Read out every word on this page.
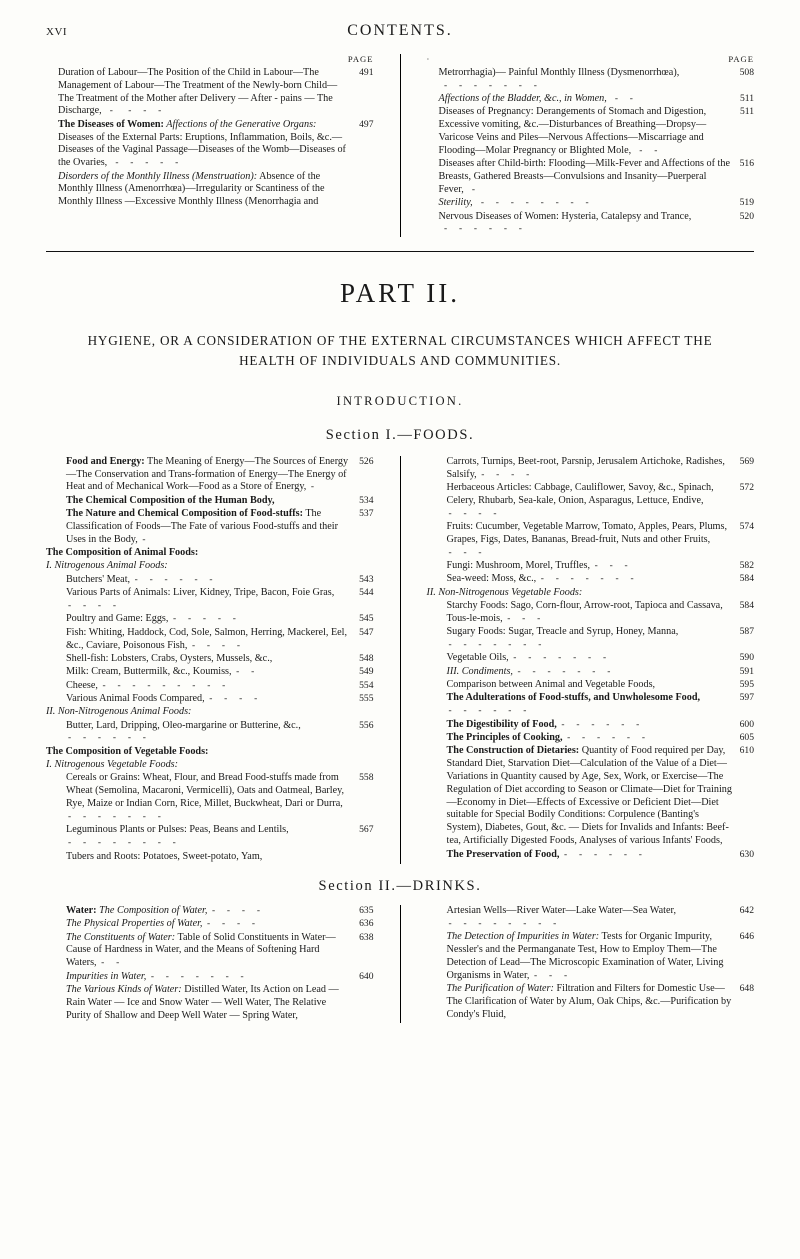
xvi	CONTENTS.
PAGE
Duration of Labour—The Position of the Child in Labour—The Management of Labour—The Treatment of the Newly-born Child—The Treatment of the Mother after Delivery — After - pains — The Discharge,  -    -   -   -
491
The Diseases of Women: Affections of the Generative Organs: Diseases of the External Parts: Eruptions, Inflammation, Boils, &c.—Diseases of the Vaginal Passage—Diseases of the Womb—Diseases of the Ovaries,  -   -   -   -   -
497
Disorders of the Monthly Illness (Menstruation): Absence of the Monthly Illness (Amenorrhœa)—Irregularity or Scantiness of the Monthly Illness —Excessive Monthly Illness (Menorrhagia and
· PAGE
Metrorrhagia)— Painful Monthly Illness (Dysmenorrhœa),  -   -   -   -   -   -   -
508
Affections of the Bladder, &c., in Women,  -   -	511
Diseases of Pregnancy: Derangements of Stomach and Digestion, Excessive vomiting, &c.—Disturbances of Breathing—Dropsy—Varicose Veins and Piles—Nervous Affections—Miscarriage and Flooding—Molar Pregnancy or Blighted Mole,  -   -
511
Diseases after Child-birth: Flooding—Milk-Fever and Affections of the Breasts, Gathered Breasts—Convulsions and Insanity—Puerperal Fever,  -
516
Sterility,  -   -   -   -   -   -   -   -	519
Nervous Diseases of Women: Hysteria, Catalepsy and Trance,  -   -   -   -   -   -
520
PART II.
HYGIENE, OR A CONSIDERATION OF THE EXTERNAL CIRCUMSTANCES WHICH AFFECT THE HEALTH OF INDIVIDUALS AND COMMUNITIES.
INTRODUCTION.
Section I.—FOODS.
Food and Energy: The Meaning of Energy—The Sources of Energy—The Conservation and Trans-formation of Energy—The Energy of Heat and of Mechanical Work—Food as a Store of Energy, -
526
The Chemical Composition of the Human Body,	534
The Nature and Chemical Composition of Food-stuffs: The Classification of Foods—The Fate of various Food-stuffs and their Uses in the Body, -
537
The Composition of Animal Foods:
I. Nitrogenous Animal Foods:
Butchers' Meat, -   -   -   -   -   -	543
Various Parts of Animals: Liver, Kidney, Tripe, Bacon, Foie Gras, -   -   -   -
544
Poultry and Game: Eggs, -   -   -   -   -	545
Fish: Whiting, Haddock, Cod, Sole, Salmon, Herring, Mackerel, Eel, &c., Caviare, Poisonous Fish, -   -   -   -
547
Shell-fish: Lobsters, Crabs, Oysters, Mussels, &c.,	548
Milk: Cream, Buttermilk, &c., Koumiss, -   -	549
Cheese, -   -   -   -   -   -   -   -   -	554
Various Animal Foods Compared, -   -   -   -	555
II. Non-Nitrogenous Animal Foods:
Butter, Lard, Dripping, Oleo-margarine or Butterine, &c., -   -   -   -   -   -
556
The Composition of Vegetable Foods:
I. Nitrogenous Vegetable Foods:
Cereals or Grains: Wheat, Flour, and Bread Food-stuffs made from Wheat (Semolina, Macaroni, Vermicelli), Oats and Oatmeal, Barley, Rye, Maize or Indian Corn, Rice, Millet, Buckwheat, Dari or Durra, -   -   -   -   -   -   -
558
Leguminous Plants or Pulses: Peas, Beans and Lentils, -   -   -   -   -   -   -   -
567
Tubers and Roots: Potatoes, Sweet-potato, Yam,
Carrots, Turnips, Beet-root, Parsnip, Jerusalem Artichoke, Radishes, Salsify, -   -   -   -
569
Herbaceous Articles: Cabbage, Cauliflower, Savoy, &c., Spinach, Celery, Rhubarb, Sea-kale, Onion, Asparagus, Lettuce, Endive, -   -   -   -
572
Fruits: Cucumber, Vegetable Marrow, Tomato, Apples, Pears, Plums, Grapes, Figs, Dates, Bananas, Bread-fruit, Nuts and other Fruits, -   -   -
574
Fungi: Mushroom, Morel, Truffles, -   -   -	582
Sea-weed: Moss, &c., -   -   -   -   -   -   -	584
II. Non-Nitrogenous Vegetable Foods:
Starchy Foods: Sago, Corn-flour, Arrow-root, Tapioca and Cassava, Tous-le-mois, -   -   -
584
Sugary Foods: Sugar, Treacle and Syrup, Honey, Manna, -   -   -   -   -   -   -
587
Vegetable Oils, -   -   -   -   -   -   -	590
III. Condiments, -   -   -   -   -   -   -	591
Comparison between Animal and Vegetable Foods,	595
The Adulterations of Food-stuffs, and Unwholesome Food, -   -   -   -   -   -
597
The Digestibility of Food, -   -   -   -   -   -	600
The Principles of Cooking, -   -   -   -   -   -	605
The Construction of Dietaries: Quantity of Food required per Day, Standard Diet, Starvation Diet—Calculation of the Value of a Diet—Variations in Quantity caused by Age, Sex, Work, or Exercise—The Regulation of Diet according to Season or Climate—Diet for Training—Economy in Diet—Effects of Excessive or Deficient Diet—Diet suitable for Special Bodily Conditions: Corpulence (Banting's System), Diabetes, Gout, &c. — Diets for Invalids and Infants: Beef-tea, Artificially Digested Foods, Analyses of various Infants' Foods,
610
The Preservation of Food, -   -   -   -   -   -	630
Section II.—DRINKS.
Water: The Composition of Water, -   -   -   -	635
The Physical Properties of Water, -   -   -   -	636
The Constituents of Water: Table of Solid Constituents in Water—Cause of Hardness in Water, and the Means of Softening Hard Waters, -   -
638
Impurities in Water, -   -   -   -   -   -   -	640
The Various Kinds of Water: Distilled Water, Its Action on Lead — Rain Water — Ice and Snow Water — Well Water, The Relative Purity of Shallow and Deep Well Water — Spring Water,
Artesian Wells—River Water—Lake Water—Sea Water, -   -   -   -   -   -   -   -
642
The Detection of Impurities in Water: Tests for Organic Impurity, Nessler's and the Permanganate Test, How to Employ Them—The Detection of Lead—The Microscopic Examination of Water, Living Organisms in Water, -   -   -
646
The Purification of Water: Filtration and Filters for Domestic Use—The Clarification of Water by Alum, Oak Chips, &c.—Purification by Condy's Fluid,
648
